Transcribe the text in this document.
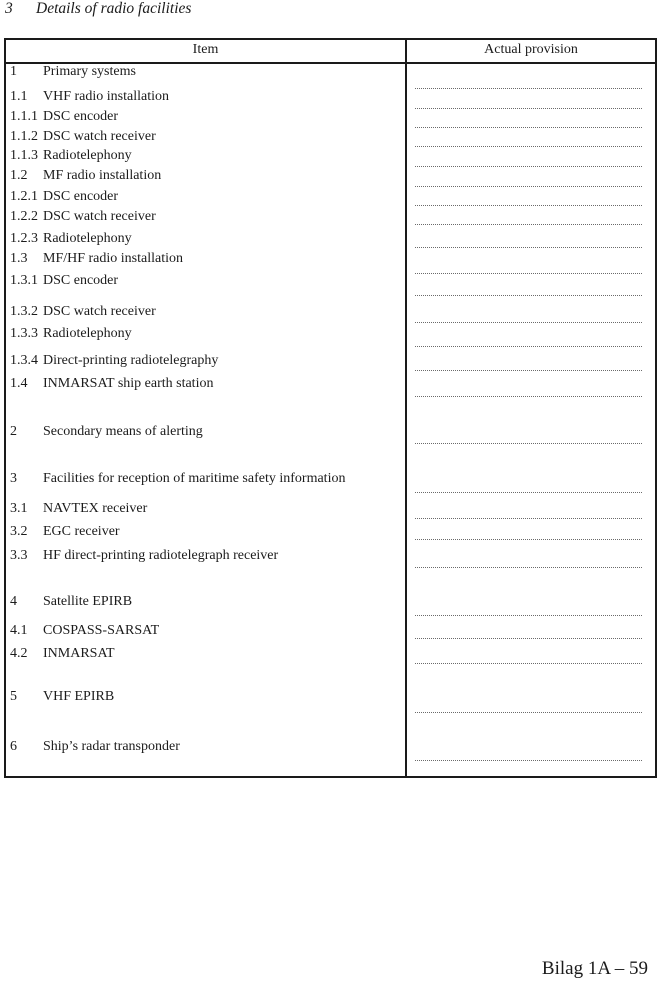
3	Details of radio facilities
Item	Actual provision
1	Primary systems
1.1	VHF radio installation
1.1.1 DSC encoder
1.1.2 DSC watch receiver
1.1.3 Radiotelephony
1.2	MF radio installation
1.2.1 DSC encoder
1.2.2 DSC watch receiver
1.2.3 Radiotelephony
1.3	MF/HF radio installation
1.3.1 DSC encoder
1.3.2 DSC watch receiver
1.3.3 Radiotelephony
1.3.4 Direct-printing radiotelegraphy
1.4	INMARSAT ship earth station
2	Secondary means of alerting
3	Facilities for reception of maritime safety information
3.1	NAVTEX receiver
3.2	EGC receiver
3.3	HF direct-printing radiotelegraph receiver
4	Satellite EPIRB
4.1	COSPASS-SARSAT
4.2	INMARSAT
5	VHF EPIRB
6	Ship’s radar transponder
Bilag 1A – 59
